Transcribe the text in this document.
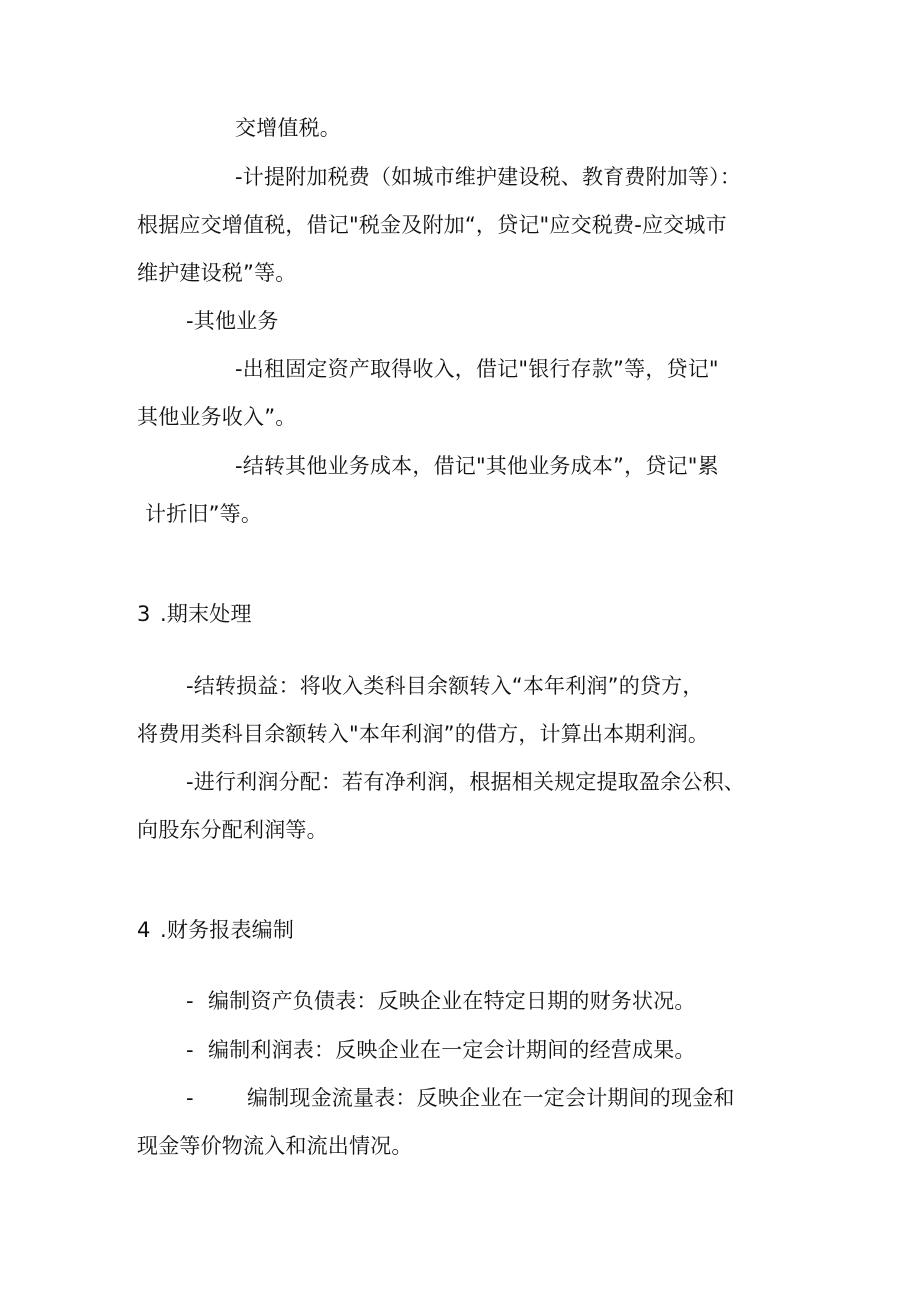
交增值税。
-计提附加税费（如城市维护建设税、教育费附加等）：
根据应交增值税，借记"税金及附加“，贷记"应交税费-应交城市
维护建设税”等。
-其他业务
-出租固定资产取得收入，借记"银行存款”等，贷记"
其他业务收入”。
-结转其他业务成本，借记"其他业务成本”，贷记"累
计折旧”等。
3 .期末处理
-结转损益：将收入类科目余额转入“本年利润”的贷方，
将费用类科目余额转入"本年利润”的借方，计算出本期利润。
-进行利润分配：若有净利润，根据相关规定提取盈余公积、
向股东分配利润等。
4 .财务报表编制
- 编制资产负债表：反映企业在特定日期的财务状况。
- 编制利润表：反映企业在一定会计期间的经营成果。
-	编制现金流量表：反映企业在一定会计期间的现金和
现金等价物流入和流出情况。
